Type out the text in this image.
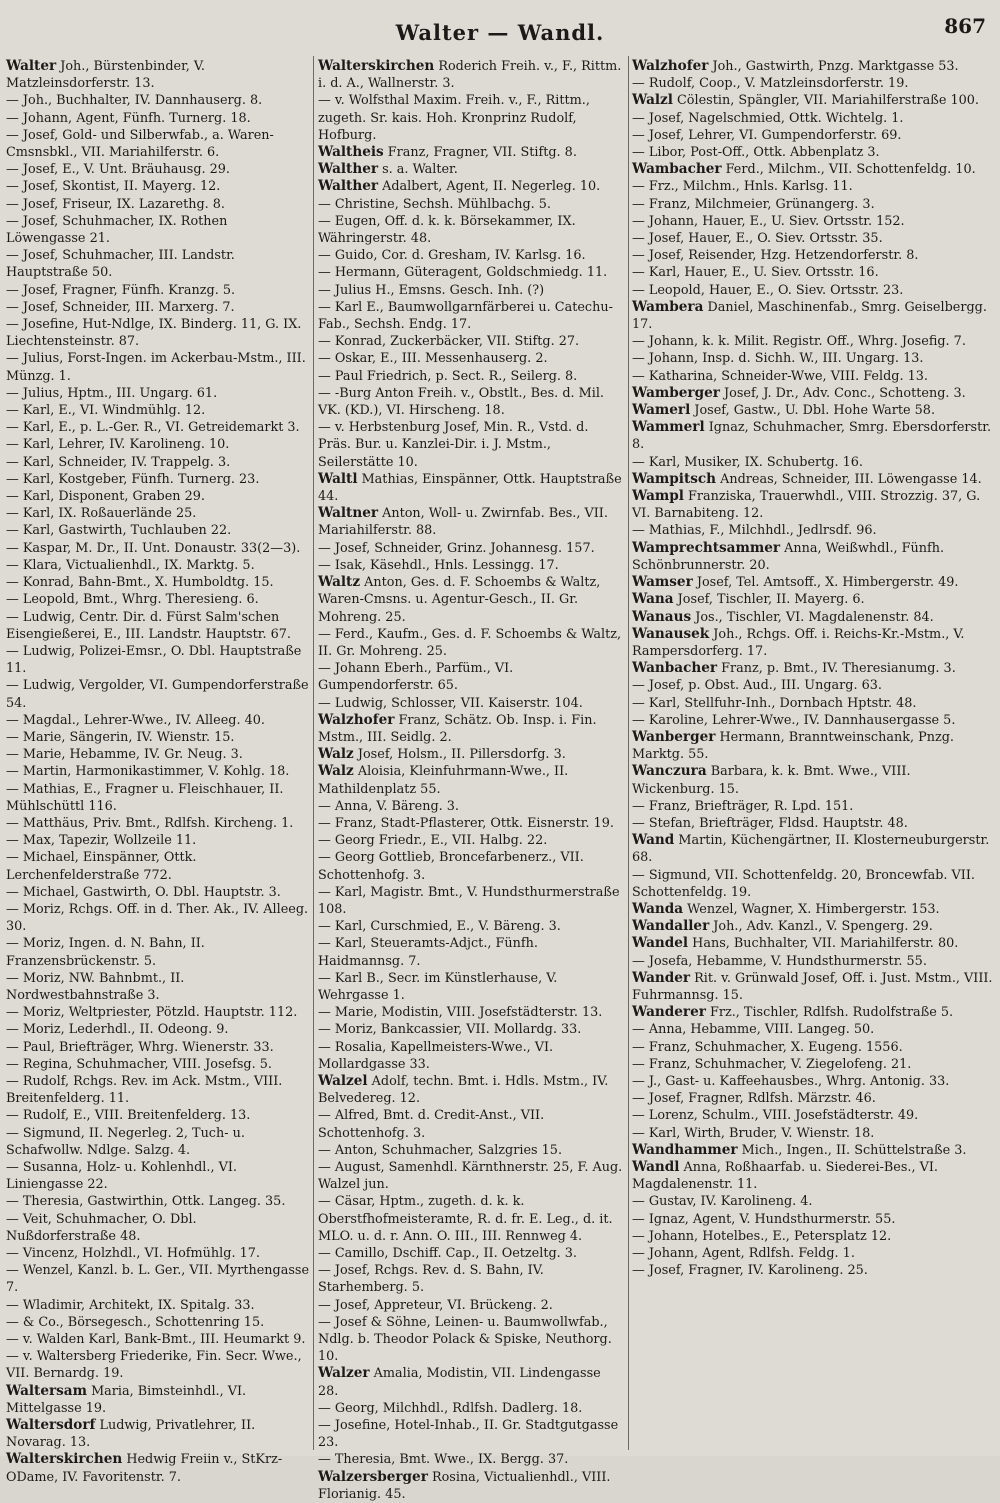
Walter — Wandl.	867
Walter Joh., Bürstenbinder, V. Matzleinsdorferstr. 13.
— Joh., Buchhalter, IV. Dannhauserg. 8.
— Johann, Agent, Fünfh. Turnerg. 18.
— Josef, Gold- und Silberwfab., a. Waren-Cmsnsbkl., VII. Mariahilferstr. 6.
— Josef, E., V. Unt. Bräuhausg. 29.
— Josef, Skontist, II. Mayerg. 12.
— Josef, Friseur, IX. Lazarethg. 8.
— Josef, Schuhmacher, IX. Rothen Löwengasse 21.
— Josef, Schuhmacher, III. Landstr. Hauptstraße 50.
— Josef, Fragner, Fünfh. Kranzg. 5.
— Josef, Schneider, III. Marxerg. 7.
— Josefine, Hut-Ndlge, IX. Binderg. 11, G. IX. Liechtensteinstr. 87.
— Julius, Forst-Ingen. im Ackerbau-Mstm., III. Münzg. 1.
— Julius, Hptm., III. Ungarg. 61.
— Karl, E., VI. Windmühlg. 12.
— Karl, E., p. L.-Ger. R., VI. Getreidemarkt 3.
— Karl, Lehrer, IV. Karolineng. 10.
— Karl, Schneider, IV. Trappelg. 3.
— Karl, Kostgeber, Fünfh. Turnerg. 23.
— Karl, Disponent, Graben 29.
— Karl, IX. Roßauerlände 25.
— Karl, Gastwirth, Tuchlauben 22.
— Kaspar, M. Dr., II. Unt. Donaustr. 33(2—3).
— Klara, Victualienhdl., IX. Marktg. 5.
— Konrad, Bahn-Bmt., X. Humboldtg. 15.
— Leopold, Bmt., Whrg. Theresieng. 6.
— Ludwig, Centr. Dir. d. Fürst Salm'schen Eisengießerei, E., III. Landstr. Hauptstr. 67.
— Ludwig, Polizei-Emsr., O. Dbl. Hauptstraße 11.
— Ludwig, Vergolder, VI. Gumpendorferstraße 54.
— Magdal., Lehrer-Wwe., IV. Alleeg. 40.
— Marie, Sängerin, IV. Wienstr. 15.
— Marie, Hebamme, IV. Gr. Neug. 3.
— Martin, Harmonikastimmer, V. Kohlg. 18.
— Mathias, E., Fragner u. Fleischhauer, II. Mühlschüttl 116.
— Matthäus, Priv. Bmt., Rdlfsh. Kircheng. 1.
— Max, Tapezir, Wollzeile 11.
— Michael, Einspänner, Ottk. Lerchenfelderstraße 772.
— Michael, Gastwirth, O. Dbl. Hauptstr. 3.
— Moriz, Rchgs. Off. in d. Ther. Ak., IV. Alleeg. 30.
— Moriz, Ingen. d. N. Bahn, II. Franzensbrückenstr. 5.
— Moriz, NW. Bahnbmt., II. Nordwestbahnstraße 3.
— Moriz, Weltpriester, Pötzld. Hauptstr. 112.
— Moriz, Lederhdl., II. Odeong. 9.
— Paul, Briefträger, Whrg. Wienerstr. 33.
— Regina, Schuhmacher, VIII. Josefsg. 5.
— Rudolf, Rchgs. Rev. im Ack. Mstm., VIII. Breitenfelderg. 11.
— Rudolf, E., VIII. Breitenfelderg. 13.
— Sigmund, II. Negerleg. 2, Tuch- u. Schafwollw. Ndlge. Salzg. 4.
— Susanna, Holz- u. Kohlenhdl., VI. Liniengasse 22.
— Theresia, Gastwirthin, Ottk. Langeg. 35.
— Veit, Schuhmacher, O. Dbl. Nußdorferstraße 48.
— Vincenz, Holzhdl., VI. Hofmühlg. 17.
— Wenzel, Kanzl. b. L. Ger., VII. Myrthengasse 7.
— Wladimir, Architekt, IX. Spitalg. 33.
— & Co., Börsegesch., Schottenring 15.
— v. Walden Karl, Bank-Bmt., III. Heumarkt 9.
— v. Waltersberg Friederike, Fin. Secr. Wwe., VII. Bernardg. 19.
Waltersam Maria, Bimsteinhdl., VI. Mittelgasse 19.
Waltersdorf Ludwig, Privatlehrer, II. Novarag. 13.
Walterskirchen Hedwig Freiin v., StKrz-ODame, IV. Favoritenstr. 7.
Walterskirchen Roderich Freih. v., F., Rittm. i. d. A., Wallnerstr. 3.
— v. Wolfsthal Maxim. Freih. v., F., Rittm., zugeth. Sr. kais. Hoh. Kronprinz Rudolf, Hofburg.
Waltheis Franz, Fragner, VII. Stiftg. 8.
Walther s. a. Walter.
Walther Adalbert, Agent, II. Negerleg. 10.
— Christine, Sechsh. Mühlbachg. 5.
— Eugen, Off. d. k. k. Börsekammer, IX. Währingerstr. 48.
— Guido, Cor. d. Gresham, IV. Karlsg. 16.
— Hermann, Güteragent, Goldschmiedg. 11.
— Julius H., Emsns. Gesch. Inh. (?)
— Karl E., Baumwollgarnfärberei u. Catechu-Fab., Sechsh. Endg. 17.
— Konrad, Zuckerbäcker, VII. Stiftg. 27.
— Oskar, E., III. Messenhauserg. 2.
— Paul Friedrich, p. Sect. R., Seilerg. 8.
— -Burg Anton Freih. v., Obstlt., Bes. d. Mil. VK. (KD.), VI. Hirscheng. 18.
— v. Herbstenburg Josef, Min. R., Vstd. d. Präs. Bur. u. Kanzlei-Dir. i. J. Mstm., Seilerstätte 10.
Waltl Mathias, Einspänner, Ottk. Hauptstraße 44.
Waltner Anton, Woll- u. Zwirnfab. Bes., VII. Mariahilferstr. 88.
— Josef, Schneider, Grinz. Johannesg. 157.
— Isak, Käsehdl., Hnls. Lessingg. 17.
Waltz Anton, Ges. d. F. Schoembs & Waltz, Waren-Cmsns. u. Agentur-Gesch., II. Gr. Mohreng. 25.
— Ferd., Kaufm., Ges. d. F. Schoembs & Waltz, II. Gr. Mohreng. 25.
— Johann Eberh., Parfüm., VI. Gumpendorferstr. 65.
— Ludwig, Schlosser, VII. Kaiserstr. 104.
Walzhofer Franz, Schätz. Ob. Insp. i. Fin. Mstm., III. Seidlg. 2.
Walz Josef, Holsm., II. Pillersdorfg. 3.
Walz Aloisia, Kleinfuhrmann-Wwe., II. Mathildenplatz 55.
— Anna, V. Bäreng. 3.
— Franz, Stadt-Pflasterer, Ottk. Eisnerstr. 19.
— Georg Friedr., E., VII. Halbg. 22.
— Georg Gottlieb, Broncefarbenerz., VII. Schottenhofg. 3.
— Karl, Magistr. Bmt., V. Hundsthurmerstraße 108.
— Karl, Curschmied, E., V. Bäreng. 3.
— Karl, Steueramts-Adjct., Fünfh. Haidmannsg. 7.
— Karl B., Secr. im Künstlerhause, V. Wehrgasse 1.
— Marie, Modistin, VIII. Josefstädterstr. 13.
— Moriz, Bankcassier, VII. Mollardg. 33.
— Rosalia, Kapellmeisters-Wwe., VI. Mollardgasse 33.
Walzel Adolf, techn. Bmt. i. Hdls. Mstm., IV. Belvedereg. 12.
— Alfred, Bmt. d. Credit-Anst., VII. Schottenhofg. 3.
— Anton, Schuhmacher, Salzgries 15.
— August, Samenhdl. Kärnthnerstr. 25, F. Aug. Walzel jun.
— Cäsar, Hptm., zugeth. d. k. k. Oberstfhofmeisteramte, R. d. fr. E. Leg., d. it. MLO. u. d. r. Ann. O. III., III. Rennweg 4.
— Camillo, Dschiff. Cap., II. Oetzeltg. 3.
— Josef, Rchgs. Rev. d. S. Bahn, IV. Starhemberg. 5.
— Josef, Appreteur, VI. Brückeng. 2.
— Josef & Söhne, Leinen- u. Baumwollwfab., Ndlg. b. Theodor Polack & Spiske, Neuthorg. 10.
Walzer Amalia, Modistin, VII. Lindengasse 28.
— Georg, Milchhdl., Rdlfsh. Dadlerg. 18.
— Josefine, Hotel-Inhab., II. Gr. Stadtgutgasse 23.
— Theresia, Bmt. Wwe., IX. Bergg. 37.
Walzersberger Rosina, Victualienhdl., VIII. Florianig. 45.
Walzhofer Joh., Gastwirth, Pnzg. Marktgasse 53.
— Rudolf, Coop., V. Matzleinsdorferstr. 19.
Walzl Cölestin, Spängler, VII. Mariahilferstraße 100.
— Josef, Nagelschmied, Ottk. Wichtelg. 1.
— Josef, Lehrer, VI. Gumpendorferstr. 69.
— Libor, Post-Off., Ottk. Abbenplatz 3.
Wambacher Ferd., Milchm., VII. Schottenfeldg. 10.
— Frz., Milchm., Hnls. Karlsg. 11.
— Franz, Milchmeier, Grünangerg. 3.
— Johann, Hauer, E., U. Siev. Ortsstr. 152.
— Josef, Hauer, E., O. Siev. Ortsstr. 35.
— Josef, Reisender, Hzg. Hetzendorferstr. 8.
— Karl, Hauer, E., U. Siev. Ortsstr. 16.
— Leopold, Hauer, E., O. Siev. Ortsstr. 23.
Wambera Daniel, Maschinenfab., Smrg. Geiselbergg. 17.
— Johann, k. k. Milit. Registr. Off., Whrg. Josefig. 7.
— Johann, Insp. d. Sichh. W., III. Ungarg. 13.
— Katharina, Schneider-Wwe, VIII. Feldg. 13.
Wamberger Josef, J. Dr., Adv. Conc., Schotteng. 3.
Wamerl Josef, Gastw., U. Dbl. Hohe Warte 58.
Wammerl Ignaz, Schuhmacher, Smrg. Ebersdorferstr. 8.
— Karl, Musiker, IX. Schubertg. 16.
Wampitsch Andreas, Schneider, III. Löwengasse 14.
Wampl Franziska, Trauerwhdl., VIII. Strozzig. 37, G. VI. Barnabiteng. 12.
— Mathias, F., Milchhdl., Jedlrsdf. 96.
Wamprechtsammer Anna, Weißwhdl., Fünfh. Schönbrunnerstr. 20.
Wamser Josef, Tel. Amtsoff., X. Himbergerstr. 49.
Wana Josef, Tischler, II. Mayerg. 6.
Wanaus Jos., Tischler, VI. Magdalenenstr. 84.
Wanausek Joh., Rchgs. Off. i. Reichs-Kr.-Mstm., V. Rampersdorferg. 17.
Wanbacher Franz, p. Bmt., IV. Theresianumg. 3.
— Josef, p. Obst. Aud., III. Ungarg. 63.
— Karl, Stellfuhr-Inh., Dornbach Hptstr. 48.
— Karoline, Lehrer-Wwe., IV. Dannhausergasse 5.
Wanberger Hermann, Branntweinschank, Pnzg. Marktg. 55.
Wanczura Barbara, k. k. Bmt. Wwe., VIII. Wickenburg. 15.
— Franz, Briefträger, R. Lpd. 151.
— Stefan, Briefträger, Fldsd. Hauptstr. 48.
Wand Martin, Küchengärtner, II. Klosterneuburgerstr. 68.
— Sigmund, VII. Schottenfeldg. 20, Broncewfab. VII. Schottenfeldg. 19.
Wanda Wenzel, Wagner, X. Himbergerstr. 153.
Wandaller Joh., Adv. Kanzl., V. Spengerg. 29.
Wandel Hans, Buchhalter, VII. Mariahilferstr. 80.
— Josefa, Hebamme, V. Hundsthurmerstr. 55.
Wander Rit. v. Grünwald Josef, Off. i. Just. Mstm., VIII. Fuhrmannsg. 15.
Wanderer Frz., Tischler, Rdlfsh. Rudolfstraße 5.
— Anna, Hebamme, VIII. Langeg. 50.
— Franz, Schuhmacher, X. Eugeng. 1556.
— Franz, Schuhmacher, V. Ziegelofeng. 21.
— J., Gast- u. Kaffeehausbes., Whrg. Antonig. 33.
— Josef, Fragner, Rdlfsh. Märzstr. 46.
— Lorenz, Schulm., VIII. Josefstädterstr. 49.
— Karl, Wirth, Bruder, V. Wienstr. 18.
Wandhammer Mich., Ingen., II. Schüttelstraße 3.
Wandl Anna, Roßhaarfab. u. Siederei-Bes., VI. Magdalenenstr. 11.
— Gustav, IV. Karolineng. 4.
— Ignaz, Agent, V. Hundsthurmerstr. 55.
— Johann, Hotelbes., E., Petersplatz 12.
— Johann, Agent, Rdlfsh. Feldg. 1.
— Josef, Fragner, IV. Karolineng. 25.
